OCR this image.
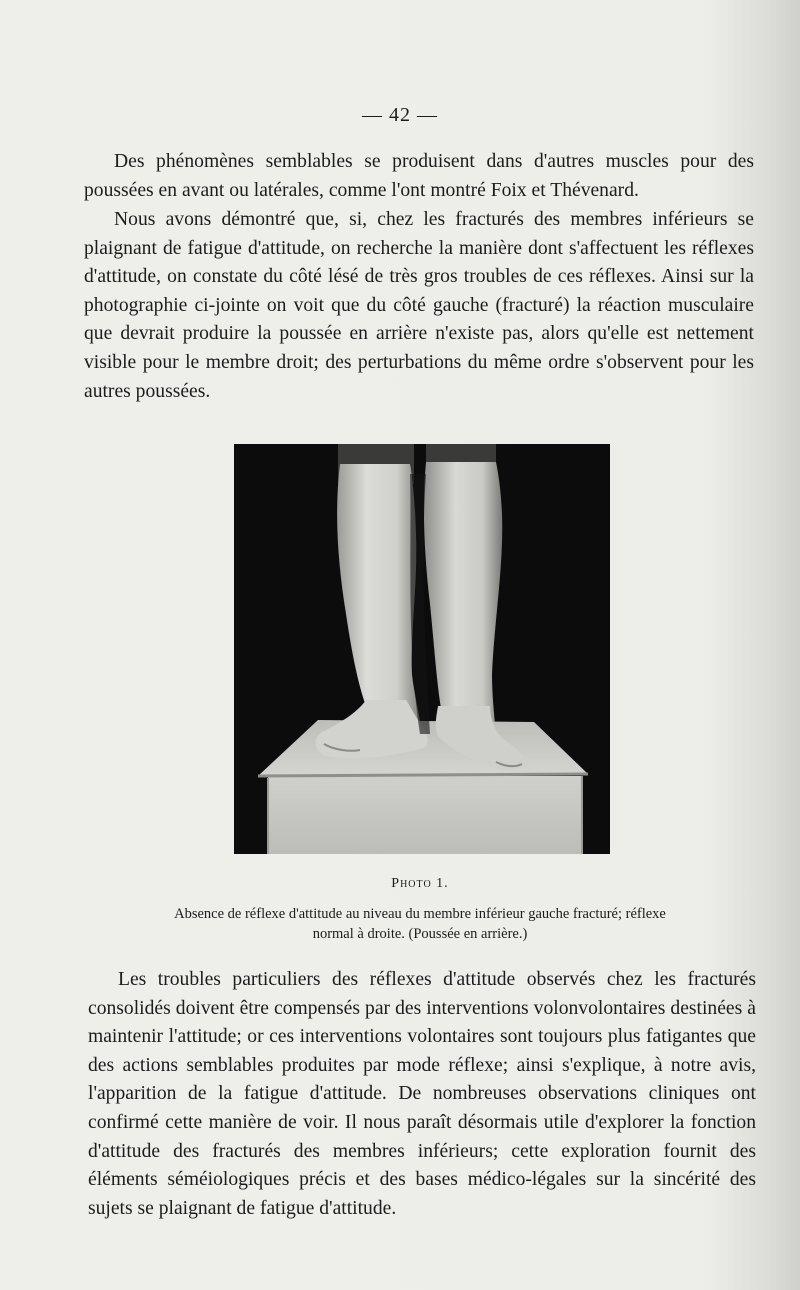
— 42 —

Des phénomènes semblables se produisent dans d'autres muscles pour des poussées en avant ou latérales, comme l'ont montré Foix et Thévenard.

Nous avons démontré que, si, chez les fracturés des membres inférieurs se plaignant de fatigue d'attitude, on recherche la manière dont s'affectuent les réflexes d'attitude, on constate du côté lésé de très gros troubles de ces réflexes. Ainsi sur la photographie ci-jointe on voit que du côté gauche (fracturé) la réaction musculaire que devrait produire la poussée en arrière n'existe pas, alors qu'elle est nettement visible pour le membre droit; des perturbations du même ordre s'observent pour les autres poussées.

Photo 1.
Absence de réflexe d'attitude au niveau du membre inférieur gauche fracturé; réflexe normal à droite. (Poussée en arrière.)

Les troubles particuliers des réflexes d'attitude observés chez les fracturés consolidés doivent être compensés par des interventions volonvolontaires destinées à maintenir l'attitude; or ces interventions volontaires sont toujours plus fatigantes que des actions semblables produites par mode réflexe; ainsi s'explique, à notre avis, l'apparition de la fatigue d'attitude. De nombreuses observations cliniques ont confirmé cette manière de voir. Il nous paraît désormais utile d'explorer la fonction d'attitude des fracturés des membres inférieurs; cette exploration fournit des éléments séméiologiques précis et des bases médico-légales sur la sincérité des sujets se plaignant de fatigue d'attitude.
